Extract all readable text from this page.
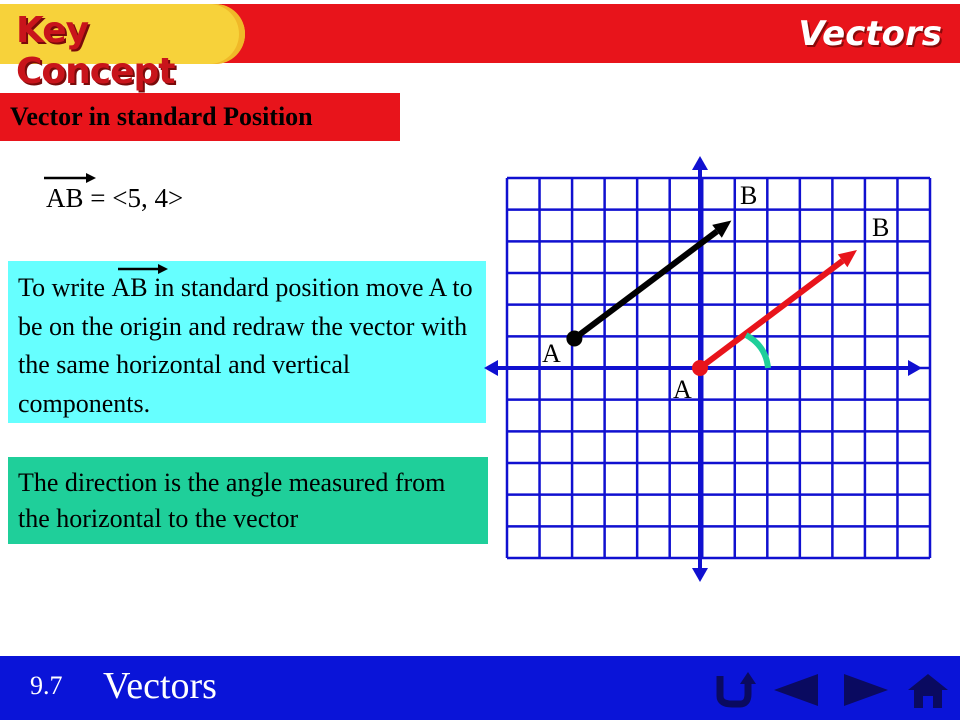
Key Concept
Vectors
Vector in standard Position
AB = <5, 4>

To write
AB in standard position move A to be on the origin and redraw the vector with the same horizontal and vertical components.

The direction is the angle measured from the horizontal to the vector

B
A
B
A
9.7 Vectors
